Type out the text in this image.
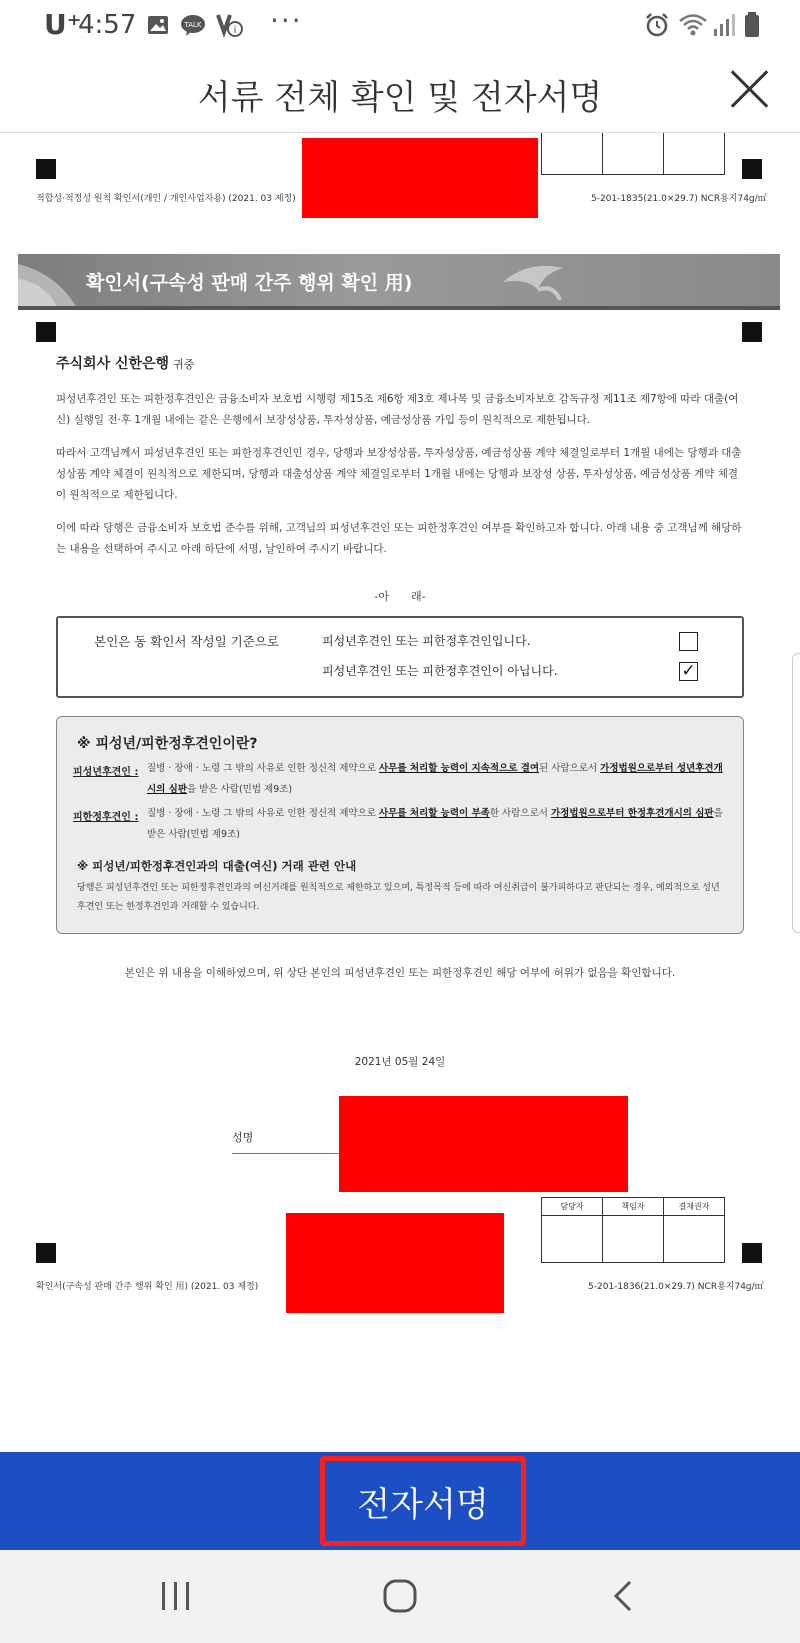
U⁺
4:57	TALK	i ···
서류 전체 확인 및 전자서명
적합성·적정성 원칙 확인서(개인 / 개인사업자용) (2021. 03 제정)	5-201-1835(21.0×29.7) NCR용지74g/㎡
확인서(구속성 판매 간주 행위 확인 用)
주식회사 신한은행 귀중
피성년후견인 또는 피한정후견인은 금융소비자 보호법 시행령 제15조 제6항 제3호 제나목 및 금융소비자보호 감독규정 제11조 제7항에 따라 대출(여신) 실행일 전·후 1개월 내에는 같은 은행에서 보장성상품, 투자성상품, 예금성상품 가입 등이 원칙적으로 제한됩니다.
따라서 고객님께서 피성년후견인 또는 피한정후견인인 경우, 당행과 보장성상품, 투자성상품, 예금성상품 계약 체결일로부터 1개월 내에는 당행과 대출성상품 계약 체결이 원칙적으로 제한되며, 당행과 대출성상품 계약 체결일로부터 1개월 내에는 당행과 보장성 상품, 투자성상품, 예금성상품 계약 체결이 원칙적으로 제한됩니다.
이에 따라 당행은 금융소비자 보호법 준수를 위해, 고객님의 피성년후견인 또는 피한정후견인 여부를 확인하고자 합니다. 아래 내용 중 고객님께 해당하는 내용을 선택하여 주시고 아래 하단에 서명, 날인하여 주시기 바랍니다.
-아　　래-
본인은 동 확인서 작성일 기준으로	피성년후견인 또는 피한정후견인입니다.
피성년후견인 또는 피한정후견인이 아닙니다.	✓
※ 피성년/피한정후견인이란?
피성년후견인 : 질병 · 장애 · 노령 그 밖의 사유로 인한 정신적 제약으로 사무를 처리할 능력이 지속적으로 결여된 사람으로서 가정법원으로부터 성년후견개시의 심판을 받은 사람(민법 제9조)
피한정후견인 : 질병 · 장애 · 노령 그 밖의 사유로 인한 정신적 제약으로 사무를 처리할 능력이 부족한 사람으로서 가정법원으로부터 한정후견개시의 심판을 받은 사람(민법 제9조)
※ 피성년/피한정후견인과의 대출(여신) 거래 관련 안내
당행은 피성년후견인 또는 피한정후견인과의 여신거래를 원칙적으로 제한하고 있으며, 특정목적 등에 따라 여신취급이 불가피하다고 판단되는 경우, 예외적으로 성년후견인 또는 한정후견인과 거래할 수 있습니다.
본인은 위 내용을 이해하였으며, 위 상단 본인의 피성년후견인 또는 피한정후견인 해당 여부에 허위가 없음을 확인합니다.
2021년 05월 24일
성명
담당자	책임자	결재권자
확인서(구속성 판매 간주 행위 확인 用) (2021. 03 제정)	5-201-1836(21.0×29.7) NCR용지74g/㎡
전자서명
